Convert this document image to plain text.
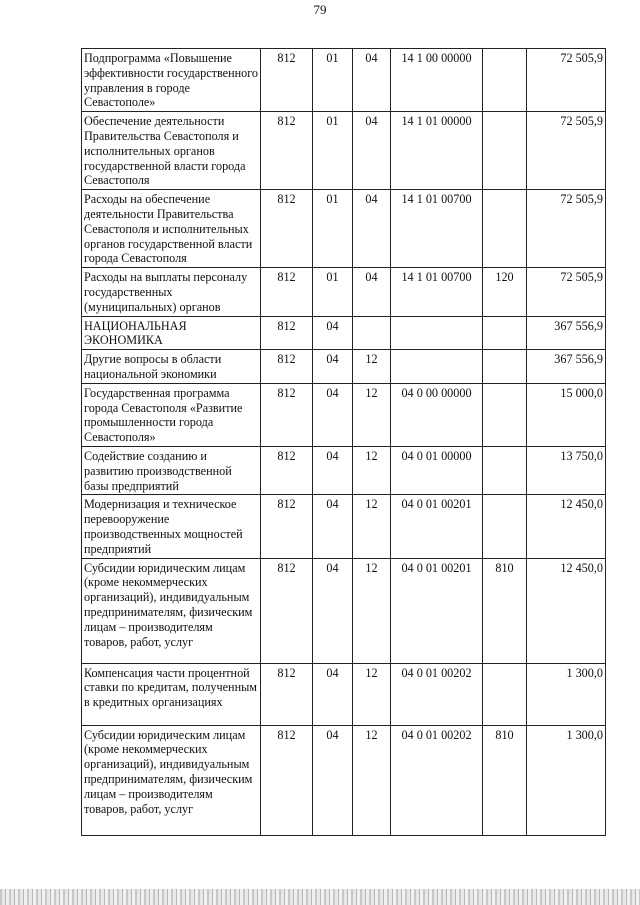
79
Подпрограмма «Повышение эффективности государственного управления в городе Севастополе»	812	01	04	14 1 00 00000		72 505,9
Обеспечение деятельности Правительства Севастополя и исполнительных органов государственной власти города Севастополя	812	01	04	14 1 01 00000		72 505,9
Расходы на обеспечение деятельности Правительства Севастополя и исполнительных органов государственной власти города Севастополя	812	01	04	14 1 01 00700		72 505,9
Расходы на выплаты персоналу государственных (муниципальных) органов	812	01	04	14 1 01 00700	120	72 505,9
НАЦИОНАЛЬНАЯ ЭКОНОМИКА	812	04				367 556,9
Другие вопросы в области национальной экономики	812	04	12			367 556,9
Государственная программа города Севастополя «Развитие промышленности города Севастополя»	812	04	12	04 0 00 00000		15 000,0
Содействие созданию и развитию производственной базы предприятий	812	04	12	04 0 01 00000		13 750,0
Модернизация и техническое перевооружение производственных мощностей предприятий	812	04	12	04 0 01 00201		12 450,0
Субсидии юридическим лицам (кроме некоммерческих организаций), индивидуальным предпринимателям, физическим лицам – производителям товаров, работ, услуг	812	04	12	04 0 01 00201	810	12 450,0
Компенсация части процентной ставки по кредитам, полученным в кредитных организациях	812	04	12	04 0 01 00202		1 300,0
Субсидии юридическим лицам (кроме некоммерческих организаций), индивидуальным предпринимателям, физическим лицам – производителям товаров, работ, услуг	812	04	12	04 0 01 00202	810	1 300,0
